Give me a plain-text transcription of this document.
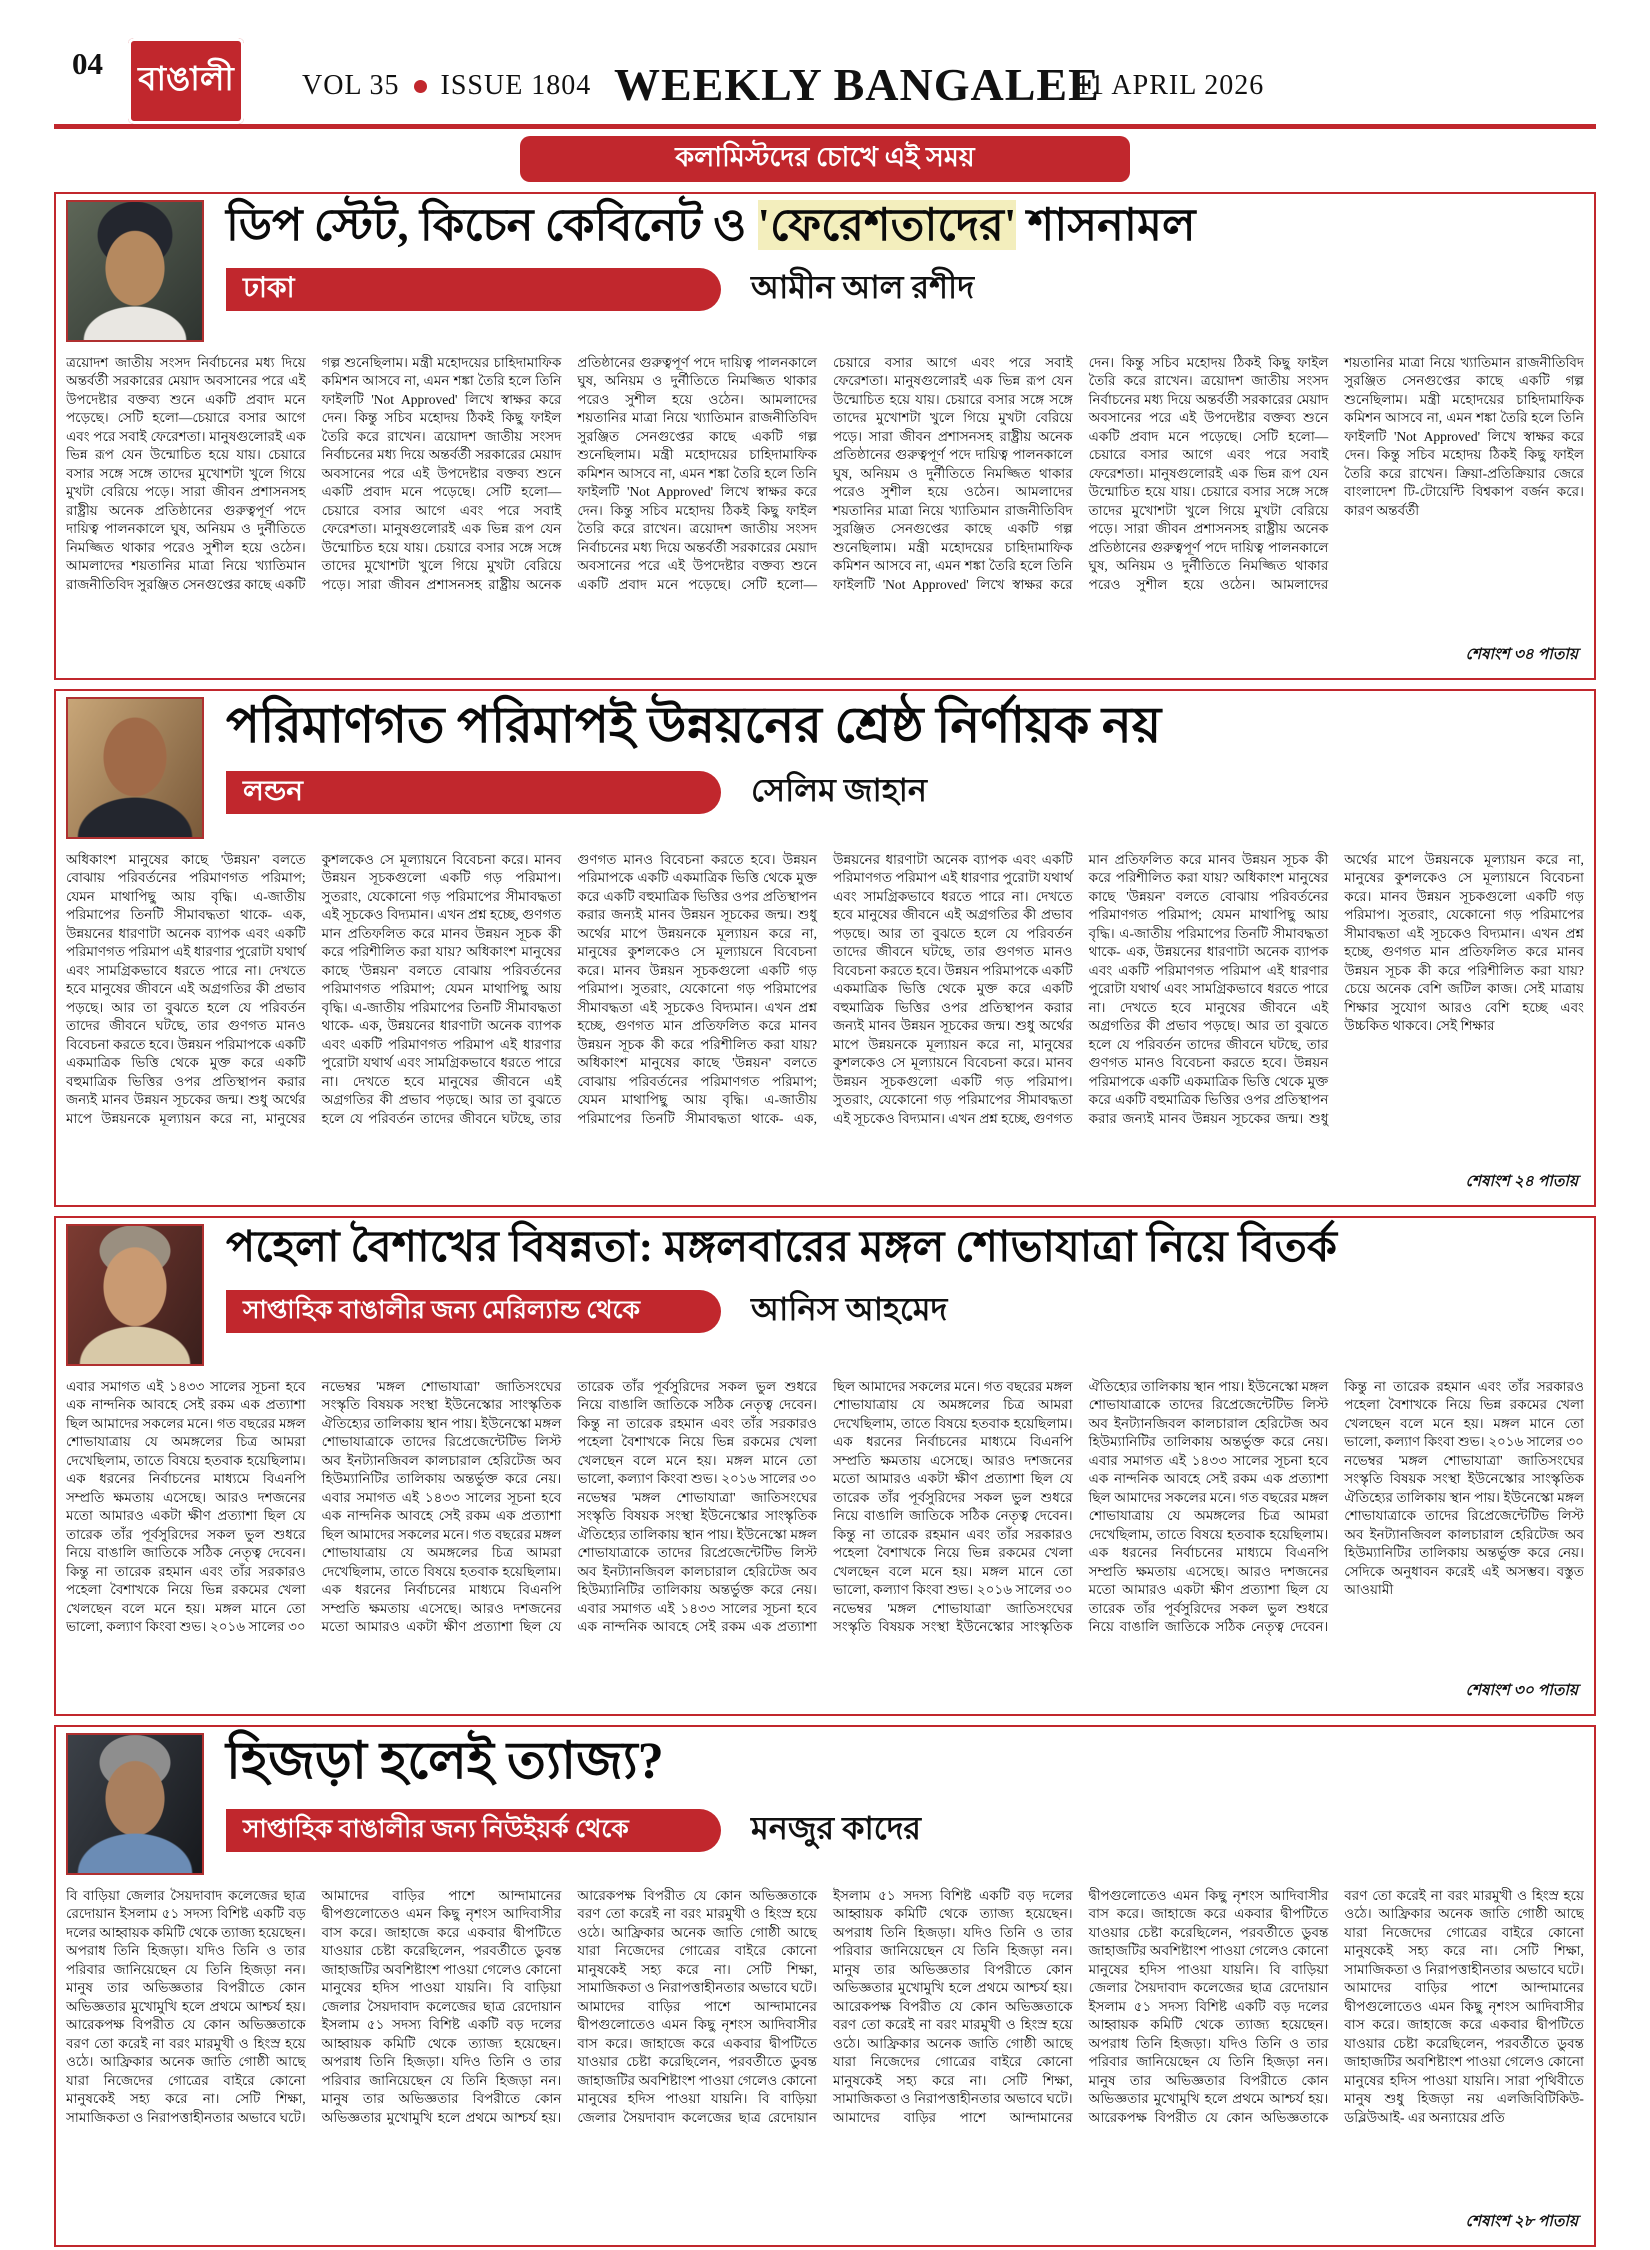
04	বাঙালী	VOL 35 ISSUE 1804 WEEKLY BANGALEE
11 APRIL 2026
কলামিস্টদের চোখে এই সময়
ডিপ স্টেট, কিচেন কেবিনেট ও 'ফেরেশতাদের' শাসনামল
ঢাকা	আমীন আল রশীদ
ত্রয়োদশ জাতীয় সংসদ নির্বাচনের মধ্য দিয়ে অন্তর্বর্তী সরকারের মেয়াদ অবসানের পরে এই উপদেষ্টার বক্তব্য শুনে একটি প্রবাদ মনে পড়েছে। সেটি হলো—চেয়ারে বসার আগে এবং পরে সবাই ফেরেশতা। মানুষগুলোরই এক ভিন্ন রূপ যেন উন্মোচিত হয়ে যায়। চেয়ারে বসার সঙ্গে সঙ্গে তাদের মুখোশটা খুলে গিয়ে মুখটা বেরিয়ে পড়ে। সারা জীবন প্রশাসনসহ রাষ্ট্রীয় অনেক প্রতিষ্ঠানের গুরুত্বপূর্ণ পদে দায়িত্ব পালনকালে ঘুষ, অনিয়ম ও দুর্নীতিতে নিমজ্জিত থাকার পরেও সুশীল হয়ে ওঠেন। আমলাদের শয়তানির মাত্রা নিয়ে খ্যাতিমান রাজনীতিবিদ সুরঞ্জিত সেনগুপ্তের কাছে একটি গল্প শুনেছিলাম। মন্ত্রী মহোদয়ের চাহিদামাফিক কমিশন আসবে না, এমন শঙ্কা তৈরি হলে তিনি ফাইলটি 'Not Approved' লিখে স্বাক্ষর করে দেন। কিন্তু সচিব মহোদয় ঠিকই কিছু ফাইল তৈরি করে রাখেন। ত্রয়োদশ জাতীয় সংসদ নির্বাচনের মধ্য দিয়ে অন্তর্বর্তী সরকারের মেয়াদ অবসানের পরে এই উপদেষ্টার বক্তব্য শুনে একটি প্রবাদ মনে পড়েছে। সেটি হলো—চেয়ারে বসার আগে এবং পরে সবাই ফেরেশতা। মানুষগুলোরই এক ভিন্ন রূপ যেন উন্মোচিত হয়ে যায়। চেয়ারে বসার সঙ্গে সঙ্গে তাদের মুখোশটা খুলে গিয়ে মুখটা বেরিয়ে পড়ে। সারা জীবন প্রশাসনসহ রাষ্ট্রীয় অনেক প্রতিষ্ঠানের গুরুত্বপূর্ণ পদে দায়িত্ব পালনকালে ঘুষ, অনিয়ম ও দুর্নীতিতে নিমজ্জিত থাকার পরেও সুশীল হয়ে ওঠেন। আমলাদের শয়তানির মাত্রা নিয়ে খ্যাতিমান রাজনীতিবিদ সুরঞ্জিত সেনগুপ্তের কাছে একটি গল্প শুনেছিলাম। মন্ত্রী মহোদয়ের চাহিদামাফিক কমিশন আসবে না, এমন শঙ্কা তৈরি হলে তিনি ফাইলটি 'Not Approved' লিখে স্বাক্ষর করে দেন। কিন্তু সচিব মহোদয় ঠিকই কিছু ফাইল তৈরি করে রাখেন। ত্রয়োদশ জাতীয় সংসদ নির্বাচনের মধ্য দিয়ে অন্তর্বর্তী সরকারের মেয়াদ অবসানের পরে এই উপদেষ্টার বক্তব্য শুনে একটি প্রবাদ মনে পড়েছে। সেটি হলো—চেয়ারে বসার আগে এবং পরে সবাই ফেরেশতা। মানুষগুলোরই এক ভিন্ন রূপ যেন উন্মোচিত হয়ে যায়। চেয়ারে বসার সঙ্গে সঙ্গে তাদের মুখোশটা খুলে গিয়ে মুখটা বেরিয়ে পড়ে। সারা জীবন প্রশাসনসহ রাষ্ট্রীয় অনেক প্রতিষ্ঠানের গুরুত্বপূর্ণ পদে দায়িত্ব পালনকালে ঘুষ, অনিয়ম ও দুর্নীতিতে নিমজ্জিত থাকার পরেও সুশীল হয়ে ওঠেন। আমলাদের শয়তানির মাত্রা নিয়ে খ্যাতিমান রাজনীতিবিদ সুরঞ্জিত সেনগুপ্তের কাছে একটি গল্প শুনেছিলাম। মন্ত্রী মহোদয়ের চাহিদামাফিক কমিশন আসবে না, এমন শঙ্কা তৈরি হলে তিনি ফাইলটি 'Not Approved' লিখে স্বাক্ষর করে দেন। কিন্তু সচিব মহোদয় ঠিকই কিছু ফাইল তৈরি করে রাখেন। ত্রয়োদশ জাতীয় সংসদ নির্বাচনের মধ্য দিয়ে অন্তর্বর্তী সরকারের মেয়াদ অবসানের পরে এই উপদেষ্টার বক্তব্য শুনে একটি প্রবাদ মনে পড়েছে। সেটি হলো—চেয়ারে বসার আগে এবং পরে সবাই ফেরেশতা। মানুষগুলোরই এক ভিন্ন রূপ যেন উন্মোচিত হয়ে যায়। চেয়ারে বসার সঙ্গে সঙ্গে তাদের মুখোশটা খুলে গিয়ে মুখটা বেরিয়ে পড়ে। সারা জীবন প্রশাসনসহ রাষ্ট্রীয় অনেক প্রতিষ্ঠানের গুরুত্বপূর্ণ পদে দায়িত্ব পালনকালে ঘুষ, অনিয়ম ও দুর্নীতিতে নিমজ্জিত থাকার পরেও সুশীল হয়ে ওঠেন। আমলাদের শয়তানির মাত্রা নিয়ে খ্যাতিমান রাজনীতিবিদ সুরঞ্জিত সেনগুপ্তের কাছে একটি গল্প শুনেছিলাম। মন্ত্রী মহোদয়ের চাহিদামাফিক কমিশন আসবে না, এমন শঙ্কা তৈরি হলে তিনি ফাইলটি 'Not Approved' লিখে স্বাক্ষর করে দেন। কিন্তু সচিব মহোদয় ঠিকই কিছু ফাইল তৈরি করে রাখেন। ক্রিয়া-প্রতিক্রিয়ার জেরে বাংলাদেশ টি-টোয়েন্টি বিশ্বকাপ বর্জন করে। কারণ অন্তর্বর্তী
শেষাংশ ৩৪ পাতায়
পরিমাণগত পরিমাপই উন্নয়নের শ্রেষ্ঠ নির্ণায়ক নয়
লন্ডন	সেলিম জাহান
অধিকাংশ মানুষের কাছে 'উন্নয়ন' বলতে বোঝায় পরিবর্তনের পরিমাণগত পরিমাপ; যেমন মাথাপিছু আয় বৃদ্ধি। এ-জাতীয় পরিমাপের তিনটি সীমাবদ্ধতা থাকে- এক, উন্নয়নের ধারণাটা অনেক ব্যাপক এবং একটি পরিমাণগত পরিমাপ এই ধারণার পুরোটা যথার্থ এবং সামগ্রিকভাবে ধরতে পারে না। দেখতে হবে মানুষের জীবনে এই অগ্রগতির কী প্রভাব পড়ছে। আর তা বুঝতে হলে যে পরিবর্তন তাদের জীবনে ঘটছে, তার গুণগত মানও বিবেচনা করতে হবে। উন্নয়ন পরিমাপকে একটি একমাত্রিক ভিত্তি থেকে মুক্ত করে একটি বহুমাত্রিক ভিত্তির ওপর প্রতিস্থাপন করার জন্যই মানব উন্নয়ন সূচকের জন্ম। শুধু অর্থের মাপে উন্নয়নকে মূল্যায়ন করে না, মানুষের কুশলকেও সে মূল্যায়নে বিবেচনা করে। মানব উন্নয়ন সূচকগুলো একটি গড় পরিমাপ। সুতরাং, যেকোনো গড় পরিমাপের সীমাবদ্ধতা এই সূচকেও বিদ্যমান। এখন প্রশ্ন হচ্ছে, গুণগত মান প্রতিফলিত করে মানব উন্নয়ন সূচক কী করে পরিশীলিত করা যায়? অধিকাংশ মানুষের কাছে 'উন্নয়ন' বলতে বোঝায় পরিবর্তনের পরিমাণগত পরিমাপ; যেমন মাথাপিছু আয় বৃদ্ধি। এ-জাতীয় পরিমাপের তিনটি সীমাবদ্ধতা থাকে- এক, উন্নয়নের ধারণাটা অনেক ব্যাপক এবং একটি পরিমাণগত পরিমাপ এই ধারণার পুরোটা যথার্থ এবং সামগ্রিকভাবে ধরতে পারে না। দেখতে হবে মানুষের জীবনে এই অগ্রগতির কী প্রভাব পড়ছে। আর তা বুঝতে হলে যে পরিবর্তন তাদের জীবনে ঘটছে, তার গুণগত মানও বিবেচনা করতে হবে। উন্নয়ন পরিমাপকে একটি একমাত্রিক ভিত্তি থেকে মুক্ত করে একটি বহুমাত্রিক ভিত্তির ওপর প্রতিস্থাপন করার জন্যই মানব উন্নয়ন সূচকের জন্ম। শুধু অর্থের মাপে উন্নয়নকে মূল্যায়ন করে না, মানুষের কুশলকেও সে মূল্যায়নে বিবেচনা করে। মানব উন্নয়ন সূচকগুলো একটি গড় পরিমাপ। সুতরাং, যেকোনো গড় পরিমাপের সীমাবদ্ধতা এই সূচকেও বিদ্যমান। এখন প্রশ্ন হচ্ছে, গুণগত মান প্রতিফলিত করে মানব উন্নয়ন সূচক কী করে পরিশীলিত করা যায়? অধিকাংশ মানুষের কাছে 'উন্নয়ন' বলতে বোঝায় পরিবর্তনের পরিমাণগত পরিমাপ; যেমন মাথাপিছু আয় বৃদ্ধি। এ-জাতীয় পরিমাপের তিনটি সীমাবদ্ধতা থাকে- এক, উন্নয়নের ধারণাটা অনেক ব্যাপক এবং একটি পরিমাণগত পরিমাপ এই ধারণার পুরোটা যথার্থ এবং সামগ্রিকভাবে ধরতে পারে না। দেখতে হবে মানুষের জীবনে এই অগ্রগতির কী প্রভাব পড়ছে। আর তা বুঝতে হলে যে পরিবর্তন তাদের জীবনে ঘটছে, তার গুণগত মানও বিবেচনা করতে হবে। উন্নয়ন পরিমাপকে একটি একমাত্রিক ভিত্তি থেকে মুক্ত করে একটি বহুমাত্রিক ভিত্তির ওপর প্রতিস্থাপন করার জন্যই মানব উন্নয়ন সূচকের জন্ম। শুধু অর্থের মাপে উন্নয়নকে মূল্যায়ন করে না, মানুষের কুশলকেও সে মূল্যায়নে বিবেচনা করে। মানব উন্নয়ন সূচকগুলো একটি গড় পরিমাপ। সুতরাং, যেকোনো গড় পরিমাপের সীমাবদ্ধতা এই সূচকেও বিদ্যমান। এখন প্রশ্ন হচ্ছে, গুণগত মান প্রতিফলিত করে মানব উন্নয়ন সূচক কী করে পরিশীলিত করা যায়? অধিকাংশ মানুষের কাছে 'উন্নয়ন' বলতে বোঝায় পরিবর্তনের পরিমাণগত পরিমাপ; যেমন মাথাপিছু আয় বৃদ্ধি। এ-জাতীয় পরিমাপের তিনটি সীমাবদ্ধতা থাকে- এক, উন্নয়নের ধারণাটা অনেক ব্যাপক এবং একটি পরিমাণগত পরিমাপ এই ধারণার পুরোটা যথার্থ এবং সামগ্রিকভাবে ধরতে পারে না। দেখতে হবে মানুষের জীবনে এই অগ্রগতির কী প্রভাব পড়ছে। আর তা বুঝতে হলে যে পরিবর্তন তাদের জীবনে ঘটছে, তার গুণগত মানও বিবেচনা করতে হবে। উন্নয়ন পরিমাপকে একটি একমাত্রিক ভিত্তি থেকে মুক্ত করে একটি বহুমাত্রিক ভিত্তির ওপর প্রতিস্থাপন করার জন্যই মানব উন্নয়ন সূচকের জন্ম। শুধু অর্থের মাপে উন্নয়নকে মূল্যায়ন করে না, মানুষের কুশলকেও সে মূল্যায়নে বিবেচনা করে। মানব উন্নয়ন সূচকগুলো একটি গড় পরিমাপ। সুতরাং, যেকোনো গড় পরিমাপের সীমাবদ্ধতা এই সূচকেও বিদ্যমান। এখন প্রশ্ন হচ্ছে, গুণগত মান প্রতিফলিত করে মানব উন্নয়ন সূচক কী করে পরিশীলিত করা যায়? চেয়ে অনেক বেশি জটিল কাজ। সেই মাত্রায় শিক্ষার সুযোগ আরও বেশি হচ্ছে এবং উচ্চকিত থাকবে। সেই শিক্ষার
শেষাংশ ২৪ পাতায়
পহেলা বৈশাখের বিষন্নতা: মঙ্গলবারের মঙ্গল শোভাযাত্রা নিয়ে বিতর্ক
সাপ্তাহিক বাঙালীর জন্য মেরিল্যান্ড থেকে	আনিস আহমেদ
এবার সমাগত এই ১৪৩৩ সালের সূচনা হবে এক নান্দনিক আবহে সেই রকম এক প্রত্যাশা ছিল আমাদের সকলের মনে। গত বছরের মঙ্গল শোভাযাত্রায় যে অমঙ্গলের চিত্র আমরা দেখেছিলাম, তাতে বিষয়ে হতবাক হয়েছিলাম। এক ধরনের নির্বাচনের মাধ্যমে বিএনপি সম্প্রতি ক্ষমতায় এসেছে। আরও দশজনের মতো আমারও একটা ক্ষীণ প্রত্যাশা ছিল যে তারেক তাঁর পূর্বসুরিদের সকল ভুল শুধরে নিয়ে বাঙালি জাতিকে সঠিক নেতৃত্ব দেবেন। কিন্তু না তারেক রহমান এবং তাঁর সরকারও পহেলা বৈশাখকে নিয়ে ভিন্ন রকমের খেলা খেলছেন বলে মনে হয়। মঙ্গল মানে তো ভালো, কল্যাণ কিংবা শুভ। ২০১৬ সালের ৩০ নভেম্বর 'মঙ্গল শোভাযাত্রা' জাতিসংঘের সংস্কৃতি বিষয়ক সংস্থা ইউনেস্কোর সাংস্কৃতিক ঐতিহ্যের তালিকায় স্থান পায়। ইউনেস্কো মঙ্গল শোভাযাত্রাকে তাদের রিপ্রেজেন্টেটিভ লিস্ট অব ইনট্যানজিবল কালচারাল হেরিটেজ অব হিউম্যানিটির তালিকায় অন্তর্ভুক্ত করে নেয়। এবার সমাগত এই ১৪৩৩ সালের সূচনা হবে এক নান্দনিক আবহে সেই রকম এক প্রত্যাশা ছিল আমাদের সকলের মনে। গত বছরের মঙ্গল শোভাযাত্রায় যে অমঙ্গলের চিত্র আমরা দেখেছিলাম, তাতে বিষয়ে হতবাক হয়েছিলাম। এক ধরনের নির্বাচনের মাধ্যমে বিএনপি সম্প্রতি ক্ষমতায় এসেছে। আরও দশজনের মতো আমারও একটা ক্ষীণ প্রত্যাশা ছিল যে তারেক তাঁর পূর্বসুরিদের সকল ভুল শুধরে নিয়ে বাঙালি জাতিকে সঠিক নেতৃত্ব দেবেন। কিন্তু না তারেক রহমান এবং তাঁর সরকারও পহেলা বৈশাখকে নিয়ে ভিন্ন রকমের খেলা খেলছেন বলে মনে হয়। মঙ্গল মানে তো ভালো, কল্যাণ কিংবা শুভ। ২০১৬ সালের ৩০ নভেম্বর 'মঙ্গল শোভাযাত্রা' জাতিসংঘের সংস্কৃতি বিষয়ক সংস্থা ইউনেস্কোর সাংস্কৃতিক ঐতিহ্যের তালিকায় স্থান পায়। ইউনেস্কো মঙ্গল শোভাযাত্রাকে তাদের রিপ্রেজেন্টেটিভ লিস্ট অব ইনট্যানজিবল কালচারাল হেরিটেজ অব হিউম্যানিটির তালিকায় অন্তর্ভুক্ত করে নেয়। এবার সমাগত এই ১৪৩৩ সালের সূচনা হবে এক নান্দনিক আবহে সেই রকম এক প্রত্যাশা ছিল আমাদের সকলের মনে। গত বছরের মঙ্গল শোভাযাত্রায় যে অমঙ্গলের চিত্র আমরা দেখেছিলাম, তাতে বিষয়ে হতবাক হয়েছিলাম। এক ধরনের নির্বাচনের মাধ্যমে বিএনপি সম্প্রতি ক্ষমতায় এসেছে। আরও দশজনের মতো আমারও একটা ক্ষীণ প্রত্যাশা ছিল যে তারেক তাঁর পূর্বসুরিদের সকল ভুল শুধরে নিয়ে বাঙালি জাতিকে সঠিক নেতৃত্ব দেবেন। কিন্তু না তারেক রহমান এবং তাঁর সরকারও পহেলা বৈশাখকে নিয়ে ভিন্ন রকমের খেলা খেলছেন বলে মনে হয়। মঙ্গল মানে তো ভালো, কল্যাণ কিংবা শুভ। ২০১৬ সালের ৩০ নভেম্বর 'মঙ্গল শোভাযাত্রা' জাতিসংঘের সংস্কৃতি বিষয়ক সংস্থা ইউনেস্কোর সাংস্কৃতিক ঐতিহ্যের তালিকায় স্থান পায়। ইউনেস্কো মঙ্গল শোভাযাত্রাকে তাদের রিপ্রেজেন্টেটিভ লিস্ট অব ইনট্যানজিবল কালচারাল হেরিটেজ অব হিউম্যানিটির তালিকায় অন্তর্ভুক্ত করে নেয়। এবার সমাগত এই ১৪৩৩ সালের সূচনা হবে এক নান্দনিক আবহে সেই রকম এক প্রত্যাশা ছিল আমাদের সকলের মনে। গত বছরের মঙ্গল শোভাযাত্রায় যে অমঙ্গলের চিত্র আমরা দেখেছিলাম, তাতে বিষয়ে হতবাক হয়েছিলাম। এক ধরনের নির্বাচনের মাধ্যমে বিএনপি সম্প্রতি ক্ষমতায় এসেছে। আরও দশজনের মতো আমারও একটা ক্ষীণ প্রত্যাশা ছিল যে তারেক তাঁর পূর্বসুরিদের সকল ভুল শুধরে নিয়ে বাঙালি জাতিকে সঠিক নেতৃত্ব দেবেন। কিন্তু না তারেক রহমান এবং তাঁর সরকারও পহেলা বৈশাখকে নিয়ে ভিন্ন রকমের খেলা খেলছেন বলে মনে হয়। মঙ্গল মানে তো ভালো, কল্যাণ কিংবা শুভ। ২০১৬ সালের ৩০ নভেম্বর 'মঙ্গল শোভাযাত্রা' জাতিসংঘের সংস্কৃতি বিষয়ক সংস্থা ইউনেস্কোর সাংস্কৃতিক ঐতিহ্যের তালিকায় স্থান পায়। ইউনেস্কো মঙ্গল শোভাযাত্রাকে তাদের রিপ্রেজেন্টেটিভ লিস্ট অব ইনট্যানজিবল কালচারাল হেরিটেজ অব হিউম্যানিটির তালিকায় অন্তর্ভুক্ত করে নেয়। সেদিকে অনুধাবন করেই এই অসম্ভব। বস্তুত আওয়ামী
শেষাংশ ৩০ পাতায়
হিজড়া হলেই ত্যাজ্য?
সাপ্তাহিক বাঙালীর জন্য নিউইয়র্ক থেকে	মনজুর কাদের
বি বাড়িয়া জেলার সৈয়দাবাদ কলেজের ছাত্র রেদোয়ান ইসলাম ৫১ সদস্য বিশিষ্ট একটি বড় দলের আহ্বায়ক কমিটি থেকে ত্যাজ্য হয়েছেন। অপরাধ তিনি হিজড়া। যদিও তিনি ও তার পরিবার জানিয়েছেন যে তিনি হিজড়া নন। মানুষ তার অভিজ্ঞতার বিপরীতে কোন অভিজ্ঞতার মুখোমুখি হলে প্রথমে আশ্চর্য হয়। আরেকপক্ষ বিপরীত যে কোন অভিজ্ঞতাকে বরণ তো করেই না বরং মারমুখী ও হিংস্র হয়ে ওঠে। আফ্রিকার অনেক জাতি গোষ্ঠী আছে যারা নিজেদের গোত্রের বাইরে কোনো মানুষকেই সহ্য করে না। সেটি শিক্ষা, সামাজিকতা ও নিরাপত্তাহীনতার অভাবে ঘটে। আমাদের বাড়ির পাশে আন্দামানের দ্বীপগুলোতেও এমন কিছু নৃশংস আদিবাসীর বাস করে। জাহাজে করে একবার দ্বীপটিতে যাওয়ার চেষ্টা করেছিলেন, পরবর্তীতে ডুবন্ত জাহাজটির অবশিষ্টাংশ পাওয়া গেলেও কোনো মানুষের হদিস পাওয়া যায়নি। বি বাড়িয়া জেলার সৈয়দাবাদ কলেজের ছাত্র রেদোয়ান ইসলাম ৫১ সদস্য বিশিষ্ট একটি বড় দলের আহ্বায়ক কমিটি থেকে ত্যাজ্য হয়েছেন। অপরাধ তিনি হিজড়া। যদিও তিনি ও তার পরিবার জানিয়েছেন যে তিনি হিজড়া নন। মানুষ তার অভিজ্ঞতার বিপরীতে কোন অভিজ্ঞতার মুখোমুখি হলে প্রথমে আশ্চর্য হয়। আরেকপক্ষ বিপরীত যে কোন অভিজ্ঞতাকে বরণ তো করেই না বরং মারমুখী ও হিংস্র হয়ে ওঠে। আফ্রিকার অনেক জাতি গোষ্ঠী আছে যারা নিজেদের গোত্রের বাইরে কোনো মানুষকেই সহ্য করে না। সেটি শিক্ষা, সামাজিকতা ও নিরাপত্তাহীনতার অভাবে ঘটে। আমাদের বাড়ির পাশে আন্দামানের দ্বীপগুলোতেও এমন কিছু নৃশংস আদিবাসীর বাস করে। জাহাজে করে একবার দ্বীপটিতে যাওয়ার চেষ্টা করেছিলেন, পরবর্তীতে ডুবন্ত জাহাজটির অবশিষ্টাংশ পাওয়া গেলেও কোনো মানুষের হদিস পাওয়া যায়নি। বি বাড়িয়া জেলার সৈয়দাবাদ কলেজের ছাত্র রেদোয়ান ইসলাম ৫১ সদস্য বিশিষ্ট একটি বড় দলের আহ্বায়ক কমিটি থেকে ত্যাজ্য হয়েছেন। অপরাধ তিনি হিজড়া। যদিও তিনি ও তার পরিবার জানিয়েছেন যে তিনি হিজড়া নন। মানুষ তার অভিজ্ঞতার বিপরীতে কোন অভিজ্ঞতার মুখোমুখি হলে প্রথমে আশ্চর্য হয়। আরেকপক্ষ বিপরীত যে কোন অভিজ্ঞতাকে বরণ তো করেই না বরং মারমুখী ও হিংস্র হয়ে ওঠে। আফ্রিকার অনেক জাতি গোষ্ঠী আছে যারা নিজেদের গোত্রের বাইরে কোনো মানুষকেই সহ্য করে না। সেটি শিক্ষা, সামাজিকতা ও নিরাপত্তাহীনতার অভাবে ঘটে। আমাদের বাড়ির পাশে আন্দামানের দ্বীপগুলোতেও এমন কিছু নৃশংস আদিবাসীর বাস করে। জাহাজে করে একবার দ্বীপটিতে যাওয়ার চেষ্টা করেছিলেন, পরবর্তীতে ডুবন্ত জাহাজটির অবশিষ্টাংশ পাওয়া গেলেও কোনো মানুষের হদিস পাওয়া যায়নি। বি বাড়িয়া জেলার সৈয়দাবাদ কলেজের ছাত্র রেদোয়ান ইসলাম ৫১ সদস্য বিশিষ্ট একটি বড় দলের আহ্বায়ক কমিটি থেকে ত্যাজ্য হয়েছেন। অপরাধ তিনি হিজড়া। যদিও তিনি ও তার পরিবার জানিয়েছেন যে তিনি হিজড়া নন। মানুষ তার অভিজ্ঞতার বিপরীতে কোন অভিজ্ঞতার মুখোমুখি হলে প্রথমে আশ্চর্য হয়। আরেকপক্ষ বিপরীত যে কোন অভিজ্ঞতাকে বরণ তো করেই না বরং মারমুখী ও হিংস্র হয়ে ওঠে। আফ্রিকার অনেক জাতি গোষ্ঠী আছে যারা নিজেদের গোত্রের বাইরে কোনো মানুষকেই সহ্য করে না। সেটি শিক্ষা, সামাজিকতা ও নিরাপত্তাহীনতার অভাবে ঘটে। আমাদের বাড়ির পাশে আন্দামানের দ্বীপগুলোতেও এমন কিছু নৃশংস আদিবাসীর বাস করে। জাহাজে করে একবার দ্বীপটিতে যাওয়ার চেষ্টা করেছিলেন, পরবর্তীতে ডুবন্ত জাহাজটির অবশিষ্টাংশ পাওয়া গেলেও কোনো মানুষের হদিস পাওয়া যায়নি। সারা পৃথিবীতে মানুষ শুধু হিজড়া নয় এলজিবিটিকিউ- ডব্লিউআই- এর অন্যায়ের প্রতি
শেষাংশ ২৮ পাতায়
